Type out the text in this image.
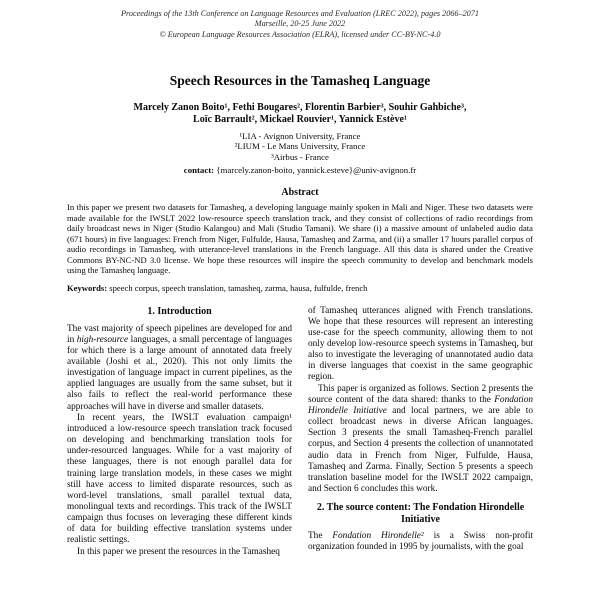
Proceedings of the 13th Conference on Language Resources and Evaluation (LREC 2022), pages 2066–2071
Marseille, 20-25 June 2022
© European Language Resources Association (ELRA), licensed under CC-BY-NC-4.0
Speech Resources in the Tamasheq Language
Marcely Zanon Boito¹, Fethi Bougares², Florentin Barbier³, Souhir Gahbiche³,
Loïc Barrault², Mickael Rouvier¹, Yannick Estève¹
¹LIA - Avignon University, France
²LIUM - Le Mans University, France
³Airbus - France
contact: {marcely.zanon-boito, yannick.esteve}@univ-avignon.fr
Abstract

In this paper we present two datasets for Tamasheq, a developing language mainly spoken in Mali and Niger. These two datasets were made available for the IWSLT 2022 low-resource speech translation track, and they consist of collections of radio recordings from daily broadcast news in Niger (Studio Kalangou) and Mali (Studio Tamani). We share (i) a massive amount of unlabeled audio data (671 hours) in five languages: French from Niger, Fulfulde, Hausa, Tamasheq and Zarma, and (ii) a smaller 17 hours parallel corpus of audio recordings in Tamasheq, with utterance-level translations in the French language. All this data is shared under the Creative Commons BY-NC-ND 3.0 license. We hope these resources will inspire the speech community to develop and benchmark models using the Tamasheq language.

Keywords: speech corpus, speech translation, tamasheq, zarma, hausa, fulfulde, french

1. Introduction

The vast majority of speech pipelines are developed for and in high-resource languages, a small percentage of languages for which there is a large amount of annotated data freely available (Joshi et al., 2020). This not only limits the investigation of language impact in current pipelines, as the applied languages are usually from the same subset, but it also fails to reflect the real-world performance these approaches will have in diverse and smaller datasets.

In recent years, the IWSLT evaluation campaign¹ introduced a low-resource speech translation track focused on developing and benchmarking translation tools for under-resourced languages. While for a vast majority of these languages, there is not enough parallel data for training large translation models, in these cases we might still have access to limited disparate resources, such as word-level translations, small parallel textual data, monolingual texts and recordings. This track of the IWSLT campaign thus focuses on leveraging these different kinds of data for building effective translation systems under realistic settings.

In this paper we present the resources in the Tamasheq

of Tamasheq utterances aligned with French translations. We hope that these resources will represent an interesting use-case for the speech community, allowing them to not only develop low-resource speech systems in Tamasheq, but also to investigate the leveraging of unannotated audio data in diverse languages that coexist in the same geographic region.

This paper is organized as follows. Section 2 presents the source content of the data shared: thanks to the Fondation Hirondelle Initiative and local partners, we are able to collect broadcast news in diverse African languages. Section 3 presents the small Tamasheq-French parallel corpus, and Section 4 presents the collection of unannotated audio data in French from Niger, Fulfulde, Hausa, Tamasheq and Zarma. Finally, Section 5 presents a speech translation baseline model for the IWSLT 2022 campaign, and Section 6 concludes this work.

2. The source content: The Fondation Hirondelle Initiative

The Fondation Hirondelle² is a Swiss non-profit organization founded in 1995 by journalists, with the goal
